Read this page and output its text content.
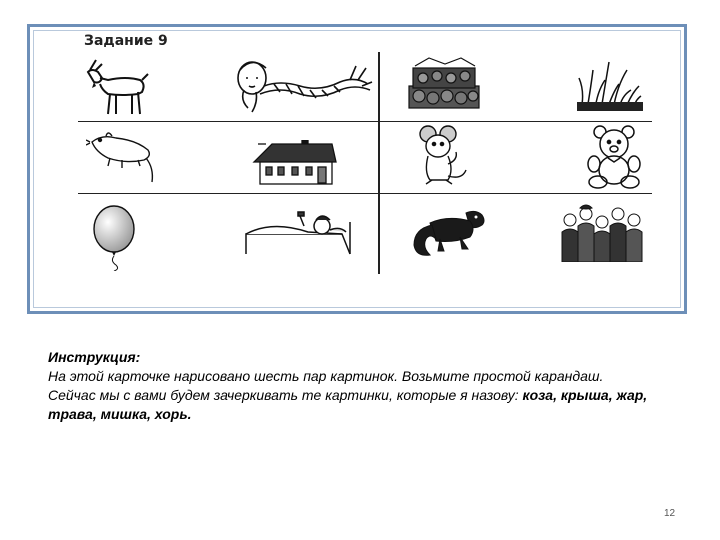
Задание 9
Инструкция:
На этой карточке нарисовано шесть пар картинок. Возьмите простой карандаш. Сейчас мы с вами будем зачеркивать те картинки, которые я назову: коза, крыша, жар, трава, мишка, хорь.
12
